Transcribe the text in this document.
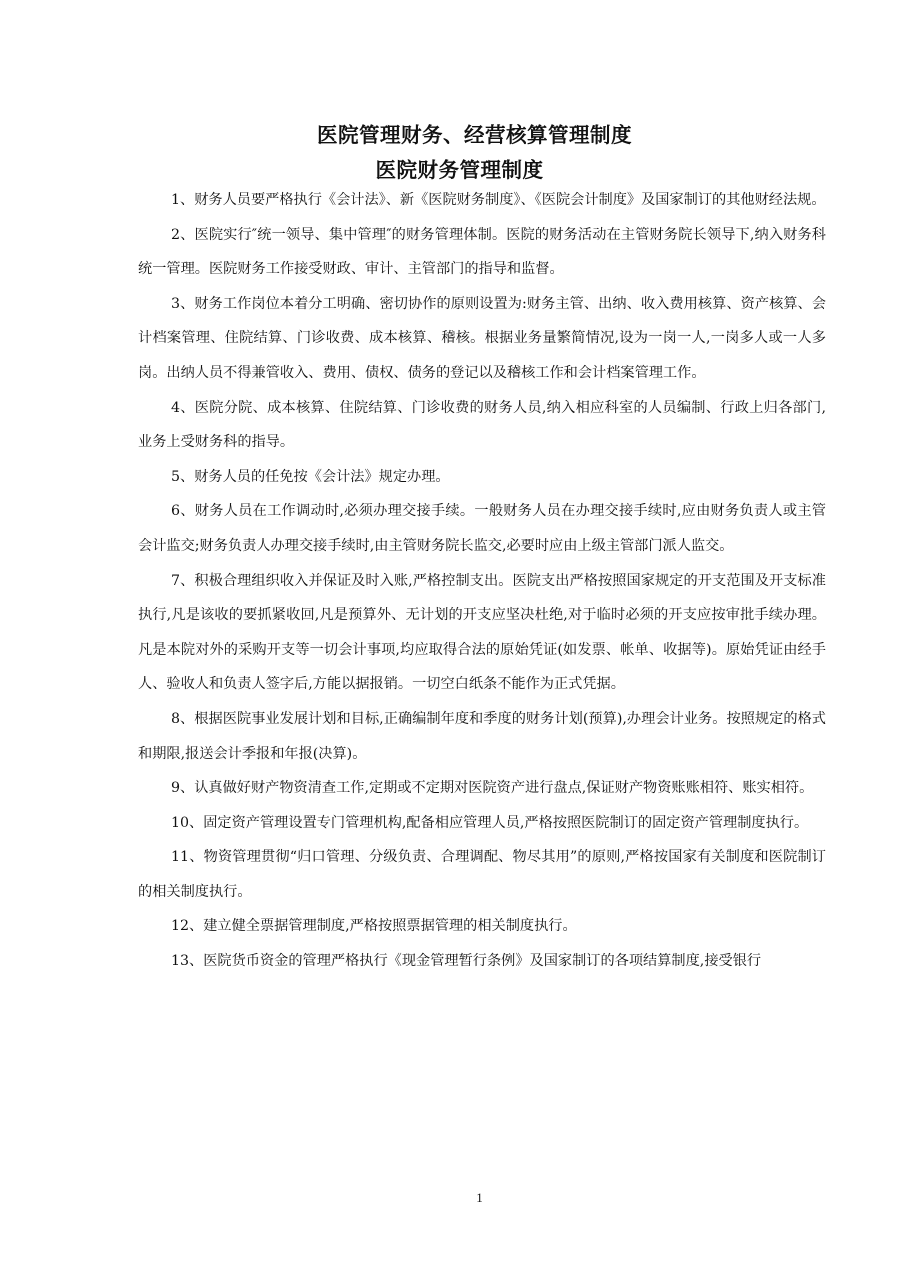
医院管理财务、经营核算管理制度
医院财务管理制度

1、财务人员要严格执行《会计法》、新《医院财务制度》、《医院会计制度》及国家制订的其他财经法规。

2、医院实行″统一领导、集中管理″的财务管理体制。医院的财务活动在主管财务院长领导下,纳入财务科统一管理。医院财务工作接受财政、审计、主管部门的指导和监督。

3、财务工作岗位本着分工明确、密切协作的原则设置为:财务主管、出纳、收入费用核算、资产核算、会计档案管理、住院结算、门诊收费、成本核算、稽核。根据业务量繁简情况,设为一岗一人,一岗多人或一人多岗。出纳人员不得兼管收入、费用、债权、债务的登记以及稽核工作和会计档案管理工作。

4、医院分院、成本核算、住院结算、门诊收费的财务人员,纳入相应科室的人员编制、行政上归各部门,业务上受财务科的指导。

5、财务人员的任免按《会计法》规定办理。

6、财务人员在工作调动时,必须办理交接手续。一般财务人员在办理交接手续时,应由财务负责人或主管会计监交;财务负责人办理交接手续时,由主管财务院长监交,必要时应由上级主管部门派人监交。

7、积极合理组织收入并保证及时入账,严格控制支出。医院支出严格按照国家规定的开支范围及开支标准执行,凡是该收的要抓紧收回,凡是预算外、无计划的开支应坚决杜绝,对于临时必须的开支应按审批手续办理。凡是本院对外的采购开支等一切会计事项,均应取得合法的原始凭证(如发票、帐单、收据等)。原始凭证由经手人、验收人和负责人签字后,方能以据报销。一切空白纸条不能作为正式凭据。

8、根据医院事业发展计划和目标,正确编制年度和季度的财务计划(预算),办理会计业务。按照规定的格式和期限,报送会计季报和年报(决算)。

9、认真做好财产物资清查工作,定期或不定期对医院资产进行盘点,保证财产物资账账相符、账实相符。

10、固定资产管理设置专门管理机构,配备相应管理人员,严格按照医院制订的固定资产管理制度执行。

11、物资管理贯彻“归口管理、分级负责、合理调配、物尽其用”的原则,严格按国家有关制度和医院制订的相关制度执行。

12、建立健全票据管理制度,严格按照票据管理的相关制度执行。

13、医院货币资金的管理严格执行《现金管理暂行条例》及国家制订的各项结算制度,接受银行

1
